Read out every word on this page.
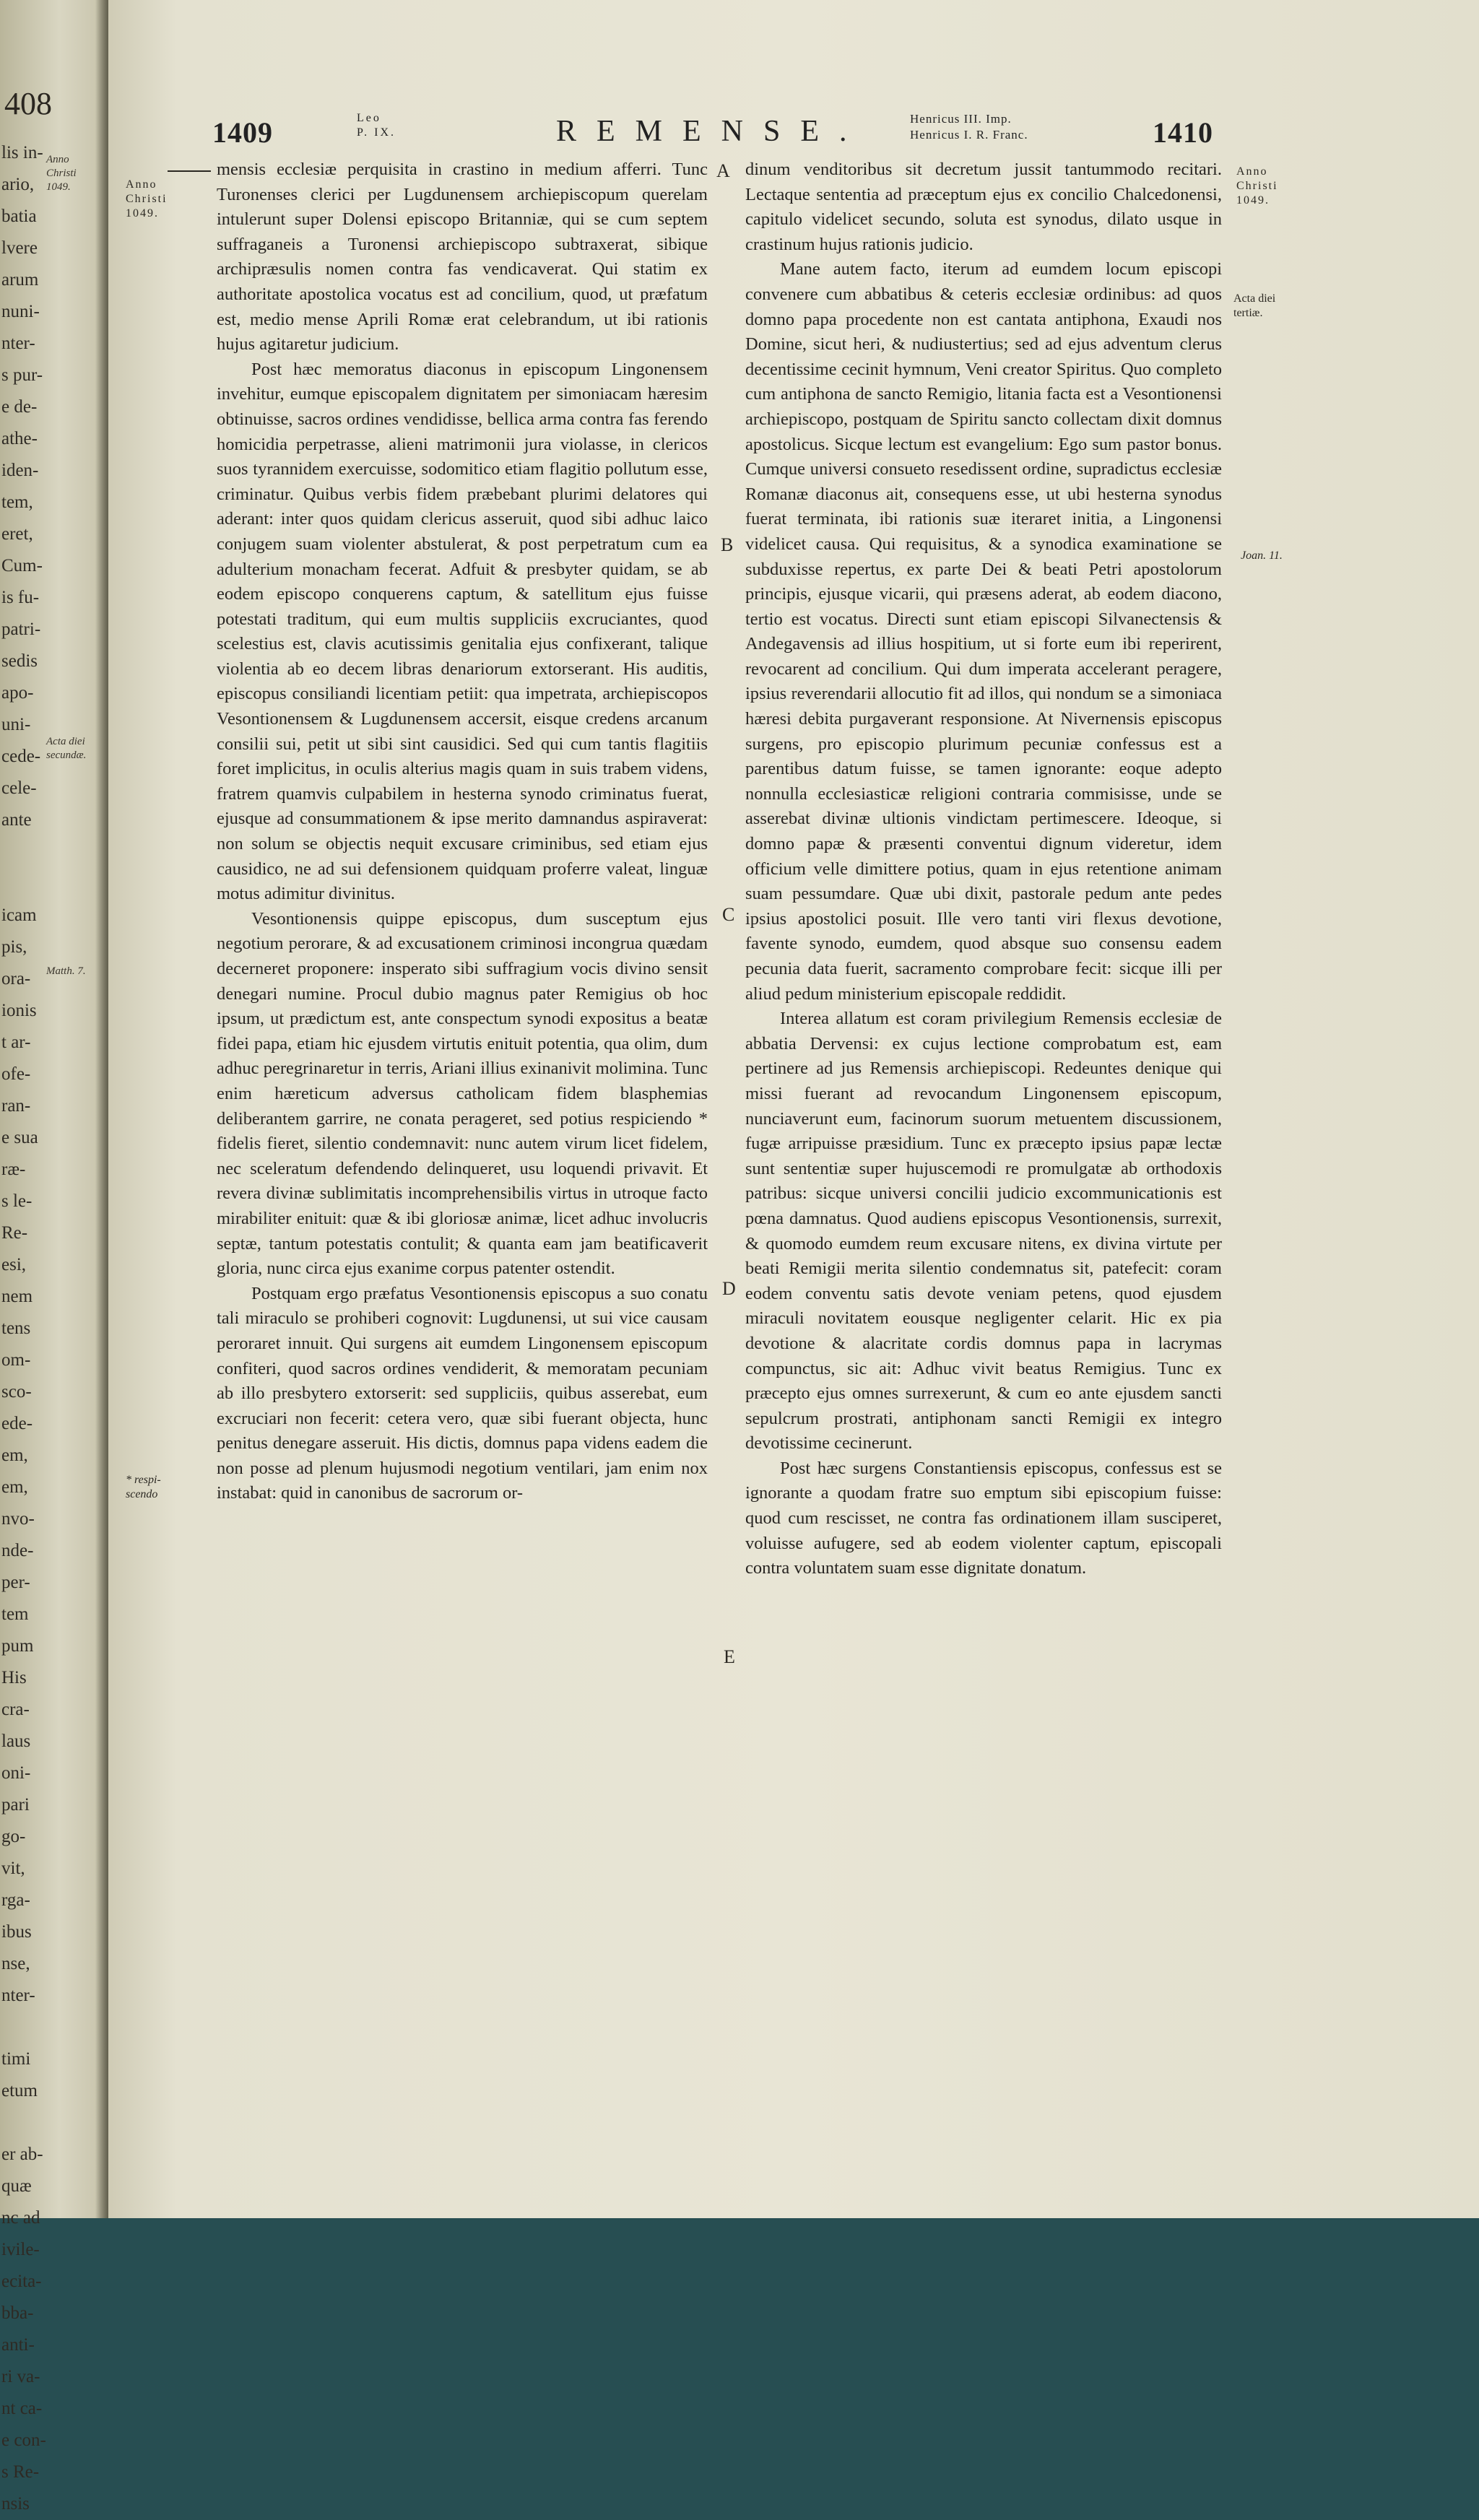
408
lis in-
ario,
batia
lvere
arum
nuni-
nter-
s pur-
e de-
athe-
iden-
tem,
eret,
Cum-
is fu-
patri-
sedis
apo-
uni-
cede-
cele-
ante

icam
pis,
ora-
ionis
t ar-
ofe-
ran-
e sua
ræ-
s le-
Re-
esi,
nem
tens
om-
sco-
ede-
em,
em,
nvo-
nde-
per-
tem
pum
His
cra-
laus
oni-
pari
go-
vit,
rga-
ibus
nse,
nter-

timi
etum

er ab-
quæ
nc ad
ivile-
ecita-
bba-
anti-
ri va-
nt ca-
e con-
s Re-
nsis
Anno
Christi
1049.
Acta diei
secundæ.
Matth. 7.
1409	Leo
P. IX.	REMENSE.	Henricus III. Imp.
Henricus I. R. Franc.	1410
Anno
Christi
1049.
* respi-
scendo
Anno
Christi
1049.
Acta diei
tertiæ.
Joan. 11.
A
B
C
D
E

mensis ecclesiæ perquisita in crastino in medium afferri. Tunc Turonenses clerici per Lugdunensem archiepiscopum querelam intulerunt super Dolensi episcopo Britanniæ, qui se cum septem suffraganeis a Turonensi archiepiscopo subtraxerat, sibique archipræsulis nomen contra fas vendicaverat. Qui statim ex authoritate apostolica vocatus est ad concilium, quod, ut præfatum est, medio mense Aprili Romæ erat celebrandum, ut ibi rationis hujus agitaretur judicium.

Post hæc memoratus diaconus in episcopum Lingonensem invehitur, eumque episcopalem dignitatem per simoniacam hæresim obtinuisse, sacros ordines vendidisse, bellica arma contra fas ferendo homicidia perpetrasse, alieni matrimonii jura violasse, in clericos suos tyrannidem exercuisse, sodomitico etiam flagitio pollutum esse, criminatur. Quibus verbis fidem præbebant plurimi delatores qui aderant: inter quos quidam clericus asseruit, quod sibi adhuc laico conjugem suam violenter abstulerat, & post perpetratum cum ea adulterium monacham fecerat. Adfuit & presbyter quidam, se ab eodem episcopo conquerens captum, & satellitum ejus fuisse potestati traditum, qui eum multis suppliciis excruciantes, quod scelestius est, clavis acutissimis genitalia ejus confixerant, talique violentia ab eo decem libras denariorum extorserant. His auditis, episcopus consiliandi licentiam petiit: qua impetrata, archiepiscopos Vesontionensem & Lugdunensem accersit, eisque credens arcanum consilii sui, petit ut sibi sint causidici. Sed qui cum tantis flagitiis foret implicitus, in oculis alterius magis quam in suis trabem videns, fratrem quamvis culpabilem in hesterna synodo criminatus fuerat, ejusque ad consummationem & ipse merito damnandus aspiraverat: non solum se objectis nequit excusare criminibus, sed etiam ejus causidico, ne ad sui defensionem quidquam proferre valeat, linguæ motus adimitur divinitus.

Vesontionensis quippe episcopus, dum susceptum ejus negotium perorare, & ad excusationem criminosi incongrua quædam decerneret proponere: insperato sibi suffragium vocis divino sensit denegari numine. Procul dubio magnus pater Remigius ob hoc ipsum, ut prædictum est, ante conspectum synodi expositus a beatæ fidei papa, etiam hic ejusdem virtutis enituit potentia, qua olim, dum adhuc peregrinaretur in terris, Ariani illius exinanivit molimina. Tunc enim hæreticum adversus catholicam fidem blasphemias deliberantem garrire, ne conata perageret, sed potius respiciendo * fidelis fieret, silentio condemnavit: nunc autem virum licet fidelem, nec sceleratum defendendo delinqueret, usu loquendi privavit. Et revera divinæ sublimitatis incomprehensibilis virtus in utroque facto mirabiliter enituit: quæ & ibi gloriosæ animæ, licet adhuc involucris septæ, tantum potestatis contulit; & quanta eam jam beatificaverit gloria, nunc circa ejus exanime corpus patenter ostendit.

Postquam ergo præfatus Vesontionensis episcopus a suo conatu tali miraculo se prohiberi cognovit: Lugdunensi, ut sui vice causam peroraret innuit. Qui surgens ait eumdem Lingonensem episcopum confiteri, quod sacros ordines vendiderit, & memoratam pecuniam ab illo presbytero extorserit: sed suppliciis, quibus asserebat, eum excruciari non fecerit: cetera vero, quæ sibi fuerant objecta, hunc penitus denegare asseruit. His dictis, domnus papa videns eadem die non posse ad plenum hujusmodi negotium ventilari, jam enim nox instabat: quid in canonibus de sacrorum or-

dinum venditoribus sit decretum jussit tantummodo recitari. Lectaque sententia ad præceptum ejus ex concilio Chalcedonensi, capitulo videlicet secundo, soluta est synodus, dilato usque in crastinum hujus rationis judicio.

Mane autem facto, iterum ad eumdem locum episcopi convenere cum abbatibus & ceteris ecclesiæ ordinibus: ad quos domno papa procedente non est cantata antiphona, Exaudi nos Domine, sicut heri, & nudiustertius; sed ad ejus adventum clerus decentissime cecinit hymnum, Veni creator Spiritus. Quo completo cum antiphona de sancto Remigio, litania facta est a Vesontionensi archiepiscopo, postquam de Spiritu sancto collectam dixit domnus apostolicus. Sicque lectum est evangelium: Ego sum pastor bonus. Cumque universi consueto resedissent ordine, supradictus ecclesiæ Romanæ diaconus ait, consequens esse, ut ubi hesterna synodus fuerat terminata, ibi rationis suæ iteraret initia, a Lingonensi videlicet causa. Qui requisitus, & a synodica examinatione se subduxisse repertus, ex parte Dei & beati Petri apostolorum principis, ejusque vicarii, qui præsens aderat, ab eodem diacono, tertio est vocatus. Directi sunt etiam episcopi Silvanectensis & Andegavensis ad illius hospitium, ut si forte eum ibi reperirent, revocarent ad concilium. Qui dum imperata accelerant peragere, ipsius reverendarii allocutio fit ad illos, qui nondum se a simoniaca hæresi debita purgaverant responsione. At Nivernensis episcopus surgens, pro episcopio plurimum pecuniæ confessus est a parentibus datum fuisse, se tamen ignorante: eoque adepto nonnulla ecclesiasticæ religioni contraria commisisse, unde se asserebat divinæ ultionis vindictam pertimescere. Ideoque, si domno papæ & præsenti conventui dignum videretur, idem officium velle dimittere potius, quam in ejus retentione animam suam pessumdare. Quæ ubi dixit, pastorale pedum ante pedes ipsius apostolici posuit. Ille vero tanti viri flexus devotione, favente synodo, eumdem, quod absque suo consensu eadem pecunia data fuerit, sacramento comprobare fecit: sicque illi per aliud pedum ministerium episcopale reddidit.

Interea allatum est coram privilegium Remensis ecclesiæ de abbatia Dervensi: ex cujus lectione comprobatum est, eam pertinere ad jus Remensis archiepiscopi. Redeuntes denique qui missi fuerant ad revocandum Lingonensem episcopum, nunciaverunt eum, facinorum suorum metuentem discussionem, fugæ arripuisse præsidium. Tunc ex præcepto ipsius papæ lectæ sunt sententiæ super hujuscemodi re promulgatæ ab orthodoxis patribus: sicque universi concilii judicio excommunicationis est pœna damnatus. Quod audiens episcopus Vesontionensis, surrexit, & quomodo eumdem reum excusare nitens, ex divina virtute per beati Remigii merita silentio condemnatus sit, patefecit: coram eodem conventu satis devote veniam petens, quod ejusdem miraculi novitatem eousque negligenter celarit. Hic ex pia devotione & alacritate cordis domnus papa in lacrymas compunctus, sic ait: Adhuc vivit beatus Remigius. Tunc ex præcepto ejus omnes surrexerunt, & cum eo ante ejusdem sancti sepulcrum prostrati, antiphonam sancti Remigii ex integro devotissime cecinerunt.

Post hæc surgens Constantiensis episcopus, confessus est se ignorante a quodam fratre suo emptum sibi episcopium fuisse: quod cum rescisset, ne contra fas ordinationem illam susciperet, voluisse aufugere, sed ab eodem violenter captum, episcopali contra voluntatem suam esse dignitate donatum.
